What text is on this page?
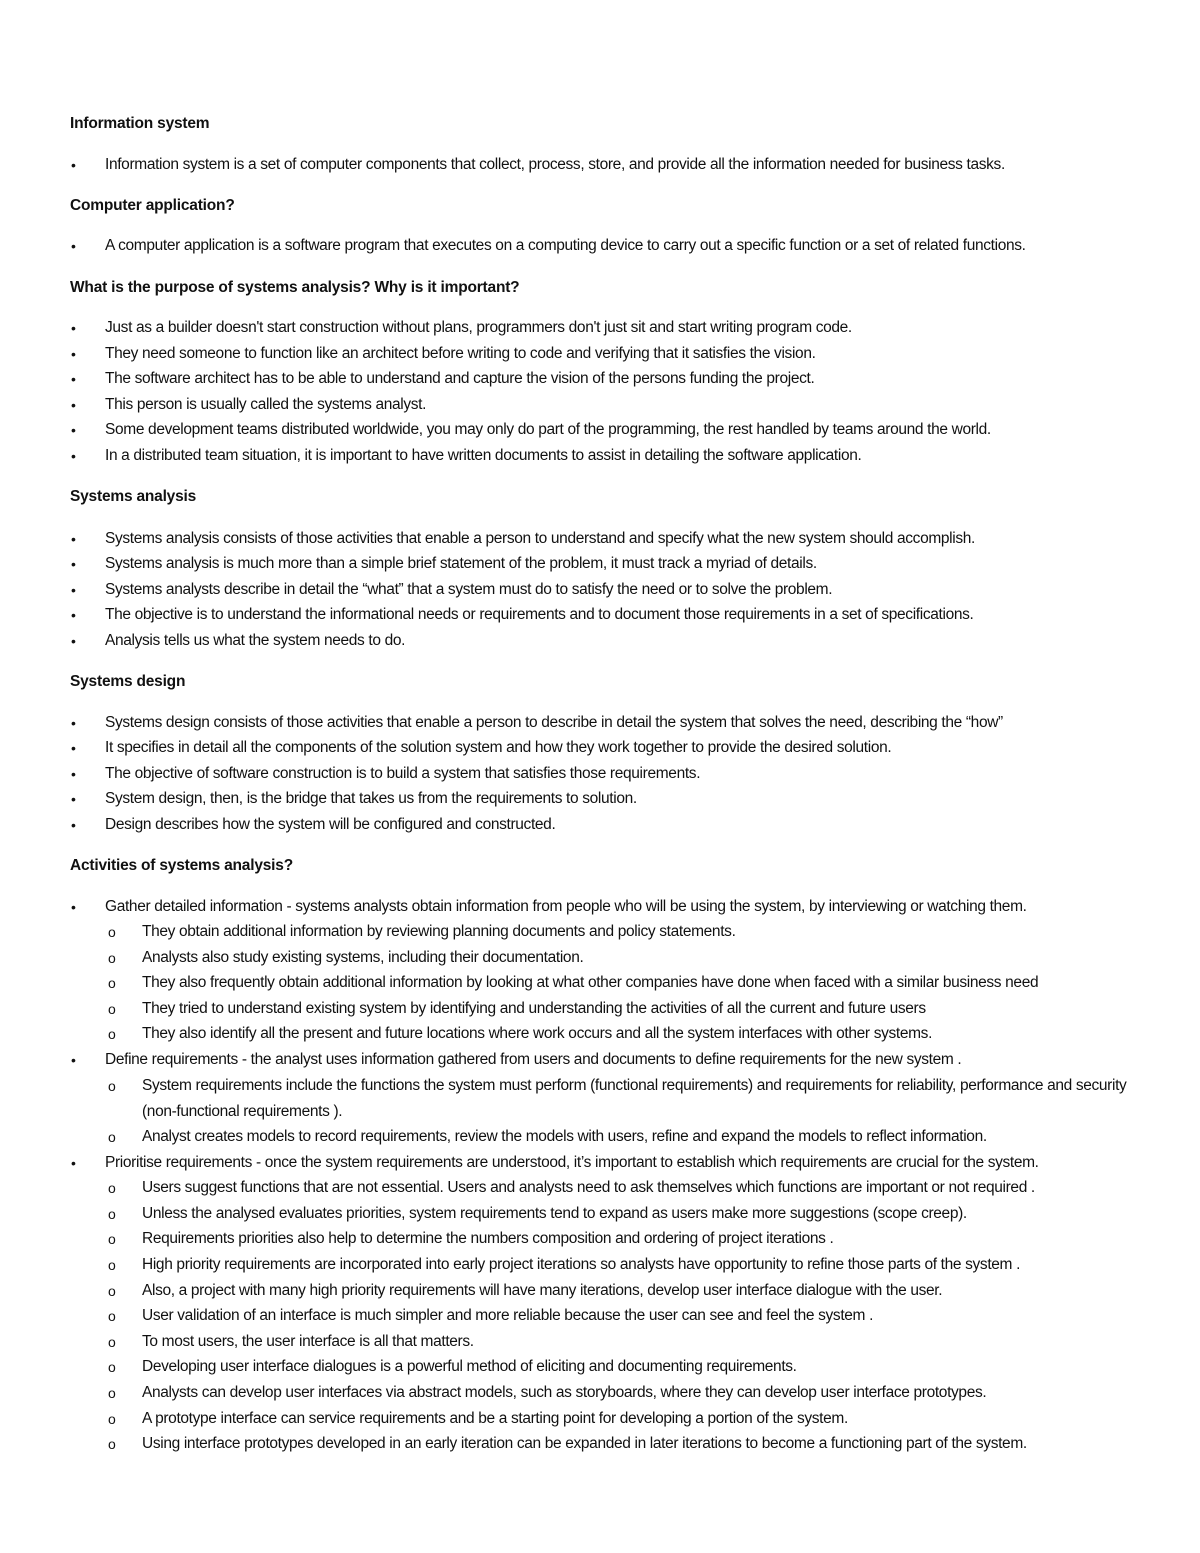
Information system
• Information system is a set of computer components that collect, process, store, and provide all the information needed for business tasks.
Computer application?
• A computer application is a software program that executes on a computing device to carry out a specific function or a set of related functions.
What is the purpose of systems analysis? Why is it important?
• Just as a builder doesn't start construction without plans, programmers don't just sit and start writing program code.
• They need someone to function like an architect before writing to code and verifying that it satisfies the vision.
• The software architect has to be able to understand and capture the vision of the persons funding the project.
• This person is usually called the systems analyst.
• Some development teams distributed worldwide, you may only do part of the programming, the rest handled by teams around the world.
• In a distributed team situation, it is important to have written documents to assist in detailing the software application.
Systems analysis
• Systems analysis consists of those activities that enable a person to understand and specify what the new system should accomplish.
• Systems analysis is much more than a simple brief statement of the problem, it must track a myriad of details.
• Systems analysts describe in detail the “what” that a system must do to satisfy the need or to solve the problem.
• The objective is to understand the informational needs or requirements and to document those requirements in a set of specifications.
• Analysis tells us what the system needs to do.
Systems design
• Systems design consists of those activities that enable a person to describe in detail the system that solves the need, describing the “how”
• It specifies in detail all the components of the solution system and how they work together to provide the desired solution.
• The objective of software construction is to build a system that satisfies those requirements.
• System design, then, is the bridge that takes us from the requirements to solution.
• Design describes how the system will be configured and constructed.
Activities of systems analysis?
• Gather detailed information - systems analysts obtain information from people who will be using the system, by interviewing or watching them.
o They obtain additional information by reviewing planning documents and policy statements.
o Analysts also study existing systems, including their documentation.
o They also frequently obtain additional information by looking at what other companies have done when faced with a similar business need
o They tried to understand existing system by identifying and understanding the activities of all the current and future users
o They also identify all the present and future locations where work occurs and all the system interfaces with other systems.
• Define requirements - the analyst uses information gathered from users and documents to define requirements for the new system .
o System requirements include the functions the system must perform (functional requirements) and requirements for reliability, performance and security (non-functional requirements ).
o Analyst creates models to record requirements, review the models with users, refine and expand the models to reflect information.
• Prioritise requirements - once the system requirements are understood, it’s important to establish which requirements are crucial for the system.
o Users suggest functions that are not essential. Users and analysts need to ask themselves which functions are important or not required .
o Unless the analysed evaluates priorities, system requirements tend to expand as users make more suggestions (scope creep).
o Requirements priorities also help to determine the numbers composition and ordering of project iterations .
o High priority requirements are incorporated into early project iterations so analysts have opportunity to refine those parts of the system .
o Also, a project with many high priority requirements will have many iterations, develop user interface dialogue with the user.
o User validation of an interface is much simpler and more reliable because the user can see and feel the system .
o To most users, the user interface is all that matters.
o Developing user interface dialogues is a powerful method of eliciting and documenting requirements.
o Analysts can develop user interfaces via abstract models, such as storyboards, where they can develop user interface prototypes.
o A prototype interface can service requirements and be a starting point for developing a portion of the system.
o Using interface prototypes developed in an early iteration can be expanded in later iterations to become a functioning part of the system.
